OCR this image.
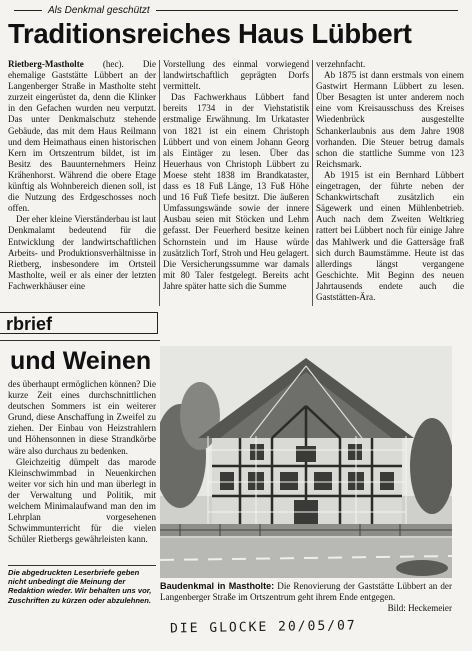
Als Denkmal geschützt
Traditionsreiches Haus Lübbert

Rietberg-Mastholte (hec). Die ehemalige Gaststätte Lübbert an der Langenberger Straße in Mastholte steht zurzeit eingerüstet da, denn die Klinker in den Gefachen wurden neu verputzt. Das unter Denkmalschutz stehende Gebäude, das mit dem Haus Reilmann und dem Heimathaus einen historischen Kern im Ortszentrum bildet, ist im Besitz des Bauunternehmers Heinz Krähenhorst. Während die obere Etage künftig als Wohnbereich dienen soll, ist die Nutzung des Erdgeschosses noch offen.

Der eher kleine Vierständerbau ist laut Denkmalamt bedeutend für die Entwicklung der landwirtschaftlichen Arbeits- und Produktionsverhältnisse in Rietberg, insbesondere im Ortsteil Mastholte, weil er als einer der letzten Fachwerkhäuser eine

Vorstellung des einmal vorwiegend landwirtschaftlich geprägten Dorfs vermittelt.

Das Fachwerkhaus Lübbert fand bereits 1734 in der Viehstatistik erstmalige Erwähnung. Im Urkataster von 1821 ist ein einem Christoph Lübbert und von einem Johann Georg als Eintäger zu lesen. Über das Heuerhaus von Christoph Lübbert zu Moese steht 1838 im Brandkataster, dass es 18 Fuß Länge, 13 Fuß Höhe und 16 Fuß Tiefe besitzt. Die äußeren Umfassungswände sowie der innere Ausbau seien mit Stöcken und Lehm gefasst. Der Feuerherd besitze keinen Schornstein und im Hause würde zusätzlich Torf, Stroh und Heu gelagert. Die Versicherungssumme war damals mit 80 Taler festgelegt. Bereits acht Jahre später hatte sich die Summe

verzehnfacht.

Ab 1875 ist dann erstmals von einem Gastwirt Hermann Lübbert zu lesen. Über Besagten ist unter anderem noch eine vom Kreisausschuss des Kreises Wiedenbrück ausgestellte Schankerlaubnis aus dem Jahre 1908 vorhanden. Die Steuer betrug damals schon die stattliche Summe von 123 Reichsmark.

Ab 1915 ist ein Bernhard Lübbert eingetragen, der führte neben der Schankwirtschaft zusätzlich ein Sägewerk und einen Mühlenbetrieb. Auch nach dem Zweiten Weltkrieg rattert bei Lübbert noch für einige Jahre das Mahlwerk und die Gattersäge fraß sich durch Baumstämme. Heute ist das allerdings längst vergangene Geschichte. Mit Beginn des neuen Jahrtausends endete auch die Gaststätten-Ära.

rbrief
und Weinen

des überhaupt ermöglichen können? Die kurze Zeit eines durchschnittlichen deutschen Sommers ist ein weiterer Grund, diese Anschaffung in Zweifel zu ziehen. Der Einbau von Heizstrahlern und Höhensonnen in diese Strandkörbe wäre also durchaus zu bedenken.

Gleichzeitig dümpelt das marode Kleinschwimmbad in Neuenkirchen weiter vor sich hin und man überlegt in der Verwaltung und Politik, mit welchem Minimalaufwand man den im Lehrplan vorgesehenen Schwimmunterricht für die vielen Schüler Rietbergs gewährleisten kann.

Die abgedruckten Leserbriefe geben nicht unbedingt die Meinung der Redaktion wieder. Wir behalten uns vor, Zuschriften zu kürzen oder abzulehnen.
Baudenkmal in Mastholte: Die Renovierung der Gaststätte Lübbert an der Langenberger Straße im Ortszentrum geht ihrem Ende entgegen.
Bild: Heckemeier
DIE GLOCKE 20/05/07
